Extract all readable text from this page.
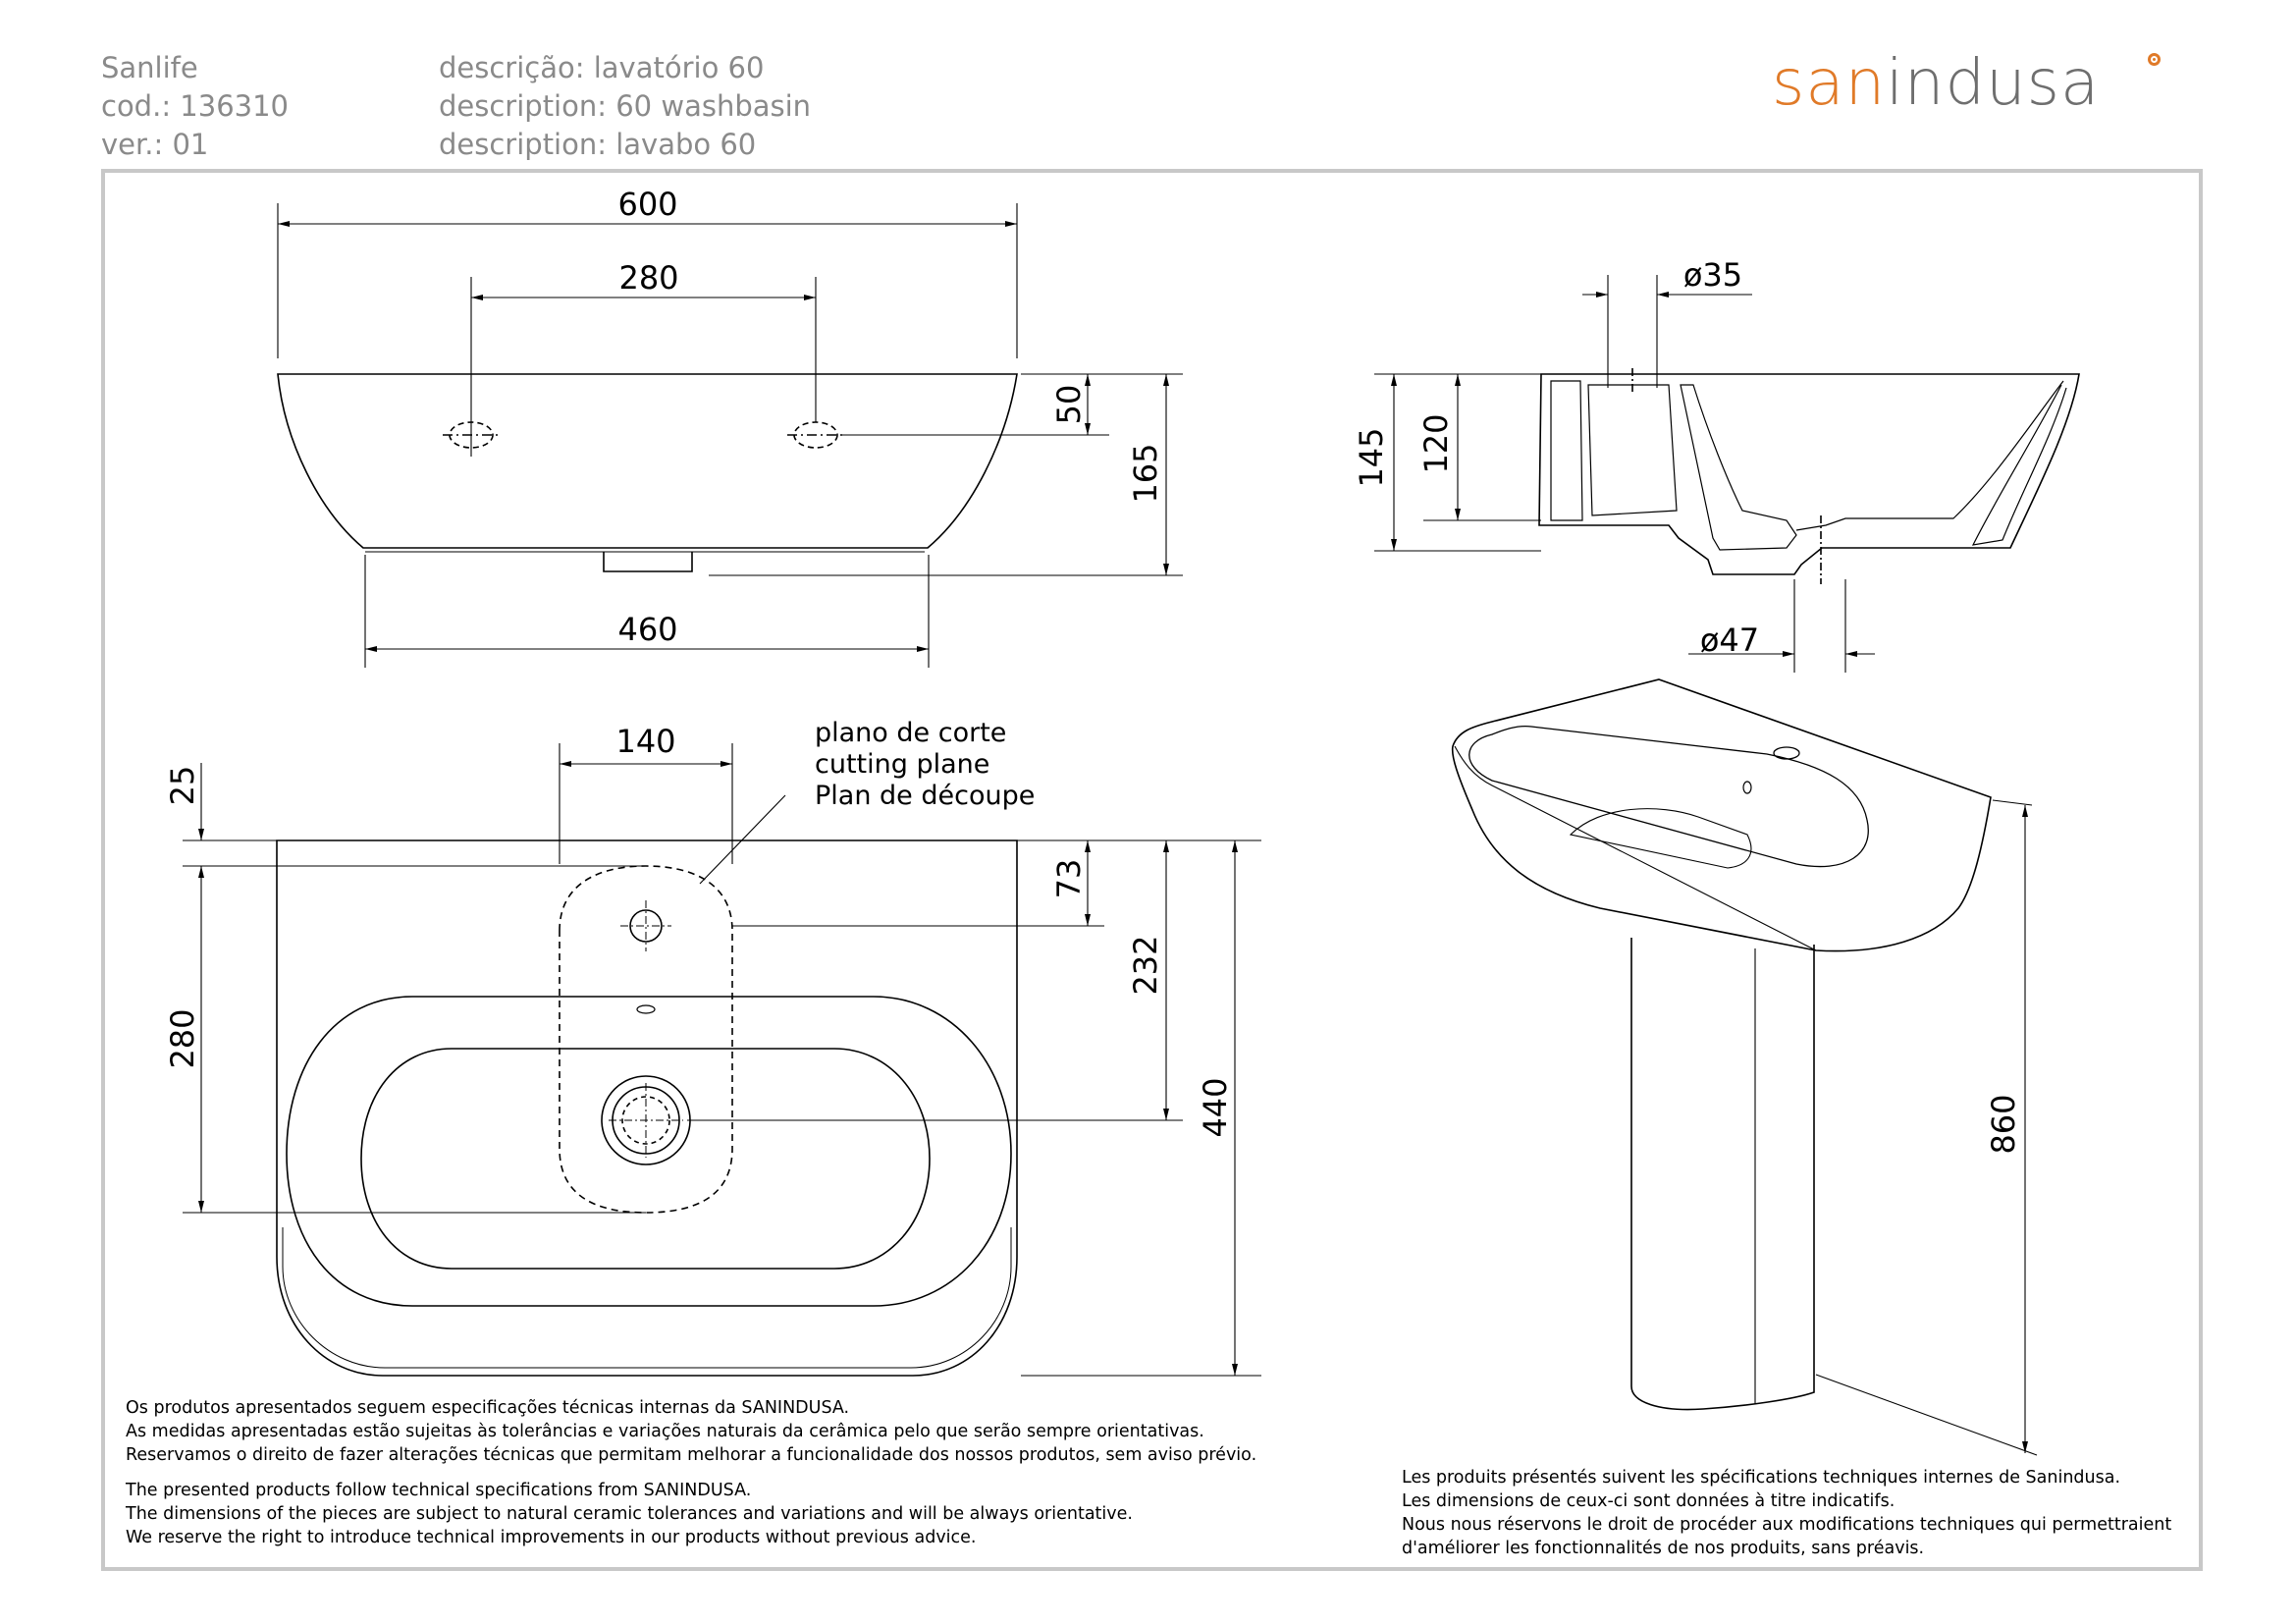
Sanlife
cod.: 136310
ver.: 01
descrição: lavatório 60
description: 60 washbasin
description: lavabo 60
sanindusa
600
280
50
165
460
ø35
145 120
ø47
plano de corte
cutting plane
Plan de découpe
140
25
280
73
232
440	860
Os produtos apresentados seguem especificações técnicas internas da SANINDUSA.
As medidas apresentadas estão sujeitas às tolerâncias e variações naturais da cerâmica pelo que serão sempre orientativas.
Reservamos o direito de fazer alterações técnicas que permitam melhorar a funcionalidade dos nossos produtos, sem aviso prévio.
The presented products follow technical specifications from SANINDUSA.
The dimensions of the pieces are subject to natural ceramic tolerances and variations and will be always orientative.
We reserve the right to introduce technical improvements in our products without previous advice.
Les produits présentés suivent les spécifications techniques internes de Sanindusa.
Les dimensions de ceux-ci sont données à titre indicatifs.
Nous nous réservons le droit de procéder aux modifications techniques qui permettraient
d'améliorer les fonctionnalités de nos produits, sans préavis.
